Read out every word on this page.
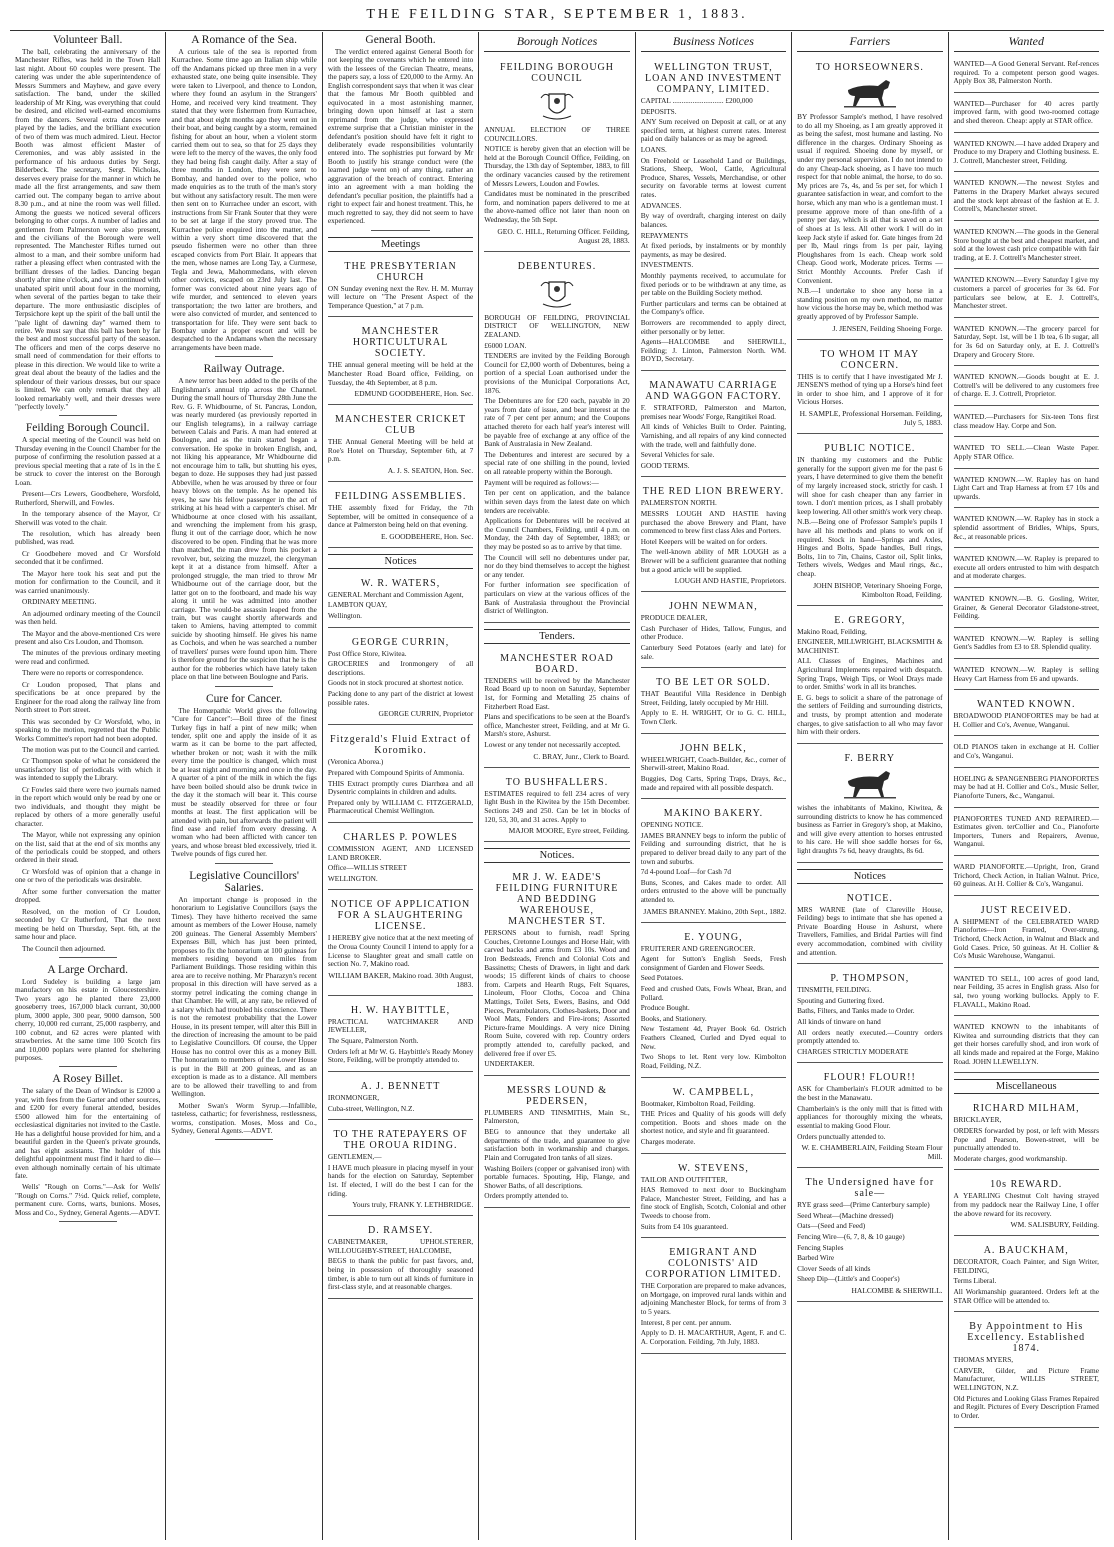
THE FEILDING STAR, SEPTEMBER 1, 1883.
Volunteer Ball.

The ball, celebrating the anniversary of the Manchester Rifles, was held in the Town Hall last night. About 60 couples were present. The catering was under the able superintendence of Messrs Summers and Mayhew, and gave every satisfaction. The band, under the skilled leadership of Mr King, was everything that could be desired, and elicited well-earned encomiums from the dancers. Several extra dances were played by the ladies, and the brilliant execution of two of them was much admired. Lieut. Hector Booth was almost efficient Master of Ceremonies, and was ably assisted in the performance of his arduous duties by Sergt. Bilderbeck. The secretary, Sergt. Nicholas, deserves every praise for the manner in which he made all the first arrangements, and saw them carried out. The company began to arrive about 8.30 p.m., and at nine the room was well filled. Among the guests we noticed several officers belonging to other corps. A number of ladies and gentlemen from Palmerston were also present, and the civilians of the Borough were well represented. The Manchester Rifles turned out almost to a man, and their sombre uniform had rather a pleasing effect when contrasted with the brilliant dresses of the ladies. Dancing began shortly after nine o'clock, and was continued with unabated spirit until about four in the morning, when several of the parties began to take their departure. The more enthusiastic disciples of Terpsichore kept up the spirit of the ball until the "pale light of dawning day" warned them to retire. We must say that this ball has been by far the best and most successful party of the season. The officers and men of the corps deserve no small need of commendation for their efforts to please in this direction. We would like to write a great deal about the beauty of the ladies and the splendour of their various dresses, but our space is limited. We can only remark that they all looked remarkably well, and their dresses were "perfectly lovely."

Feilding Borough Council.

A special meeting of the Council was held on Thursday evening in the Council Chamber for the purpose of confirming the resolution passed at a previous special meeting that a rate of 1s in the £ be struck to cover the interest on the Borough Loan.

Present—Crs Lewers, Goodbehere, Worsfold, Rutherford, Sherwill, and Fowles.

In the temporary absence of the Mayor, Cr Sherwill was voted to the chair.

The resolution, which has already been published, was read.

Cr Goodbehere moved and Cr Worsfold seconded that it be confirmed.

The Mayor here took his seat and put the motion for confirmation to the Council, and it was carried unanimously.

ORDINARY MEETING.

An adjourned ordinary meeting of the Council was then held.

The Mayor and the above-mentioned Crs were present and also Crs Loudon, and Thomson.

The minutes of the previous ordinary meeting were read and confirmed.

There were no reports or correspondence.

Cr Loudon proposed, That plans and specifications be at once prepared by the Engineer for the road along the railway line from North street to Port street.

This was seconded by Cr Worsfold, who, in speaking to the motion, regretted that the Public Works Committee's report had not been adopted.

The motion was put to the Council and carried.

Cr Thompson spoke of what he considered the unsatisfactory list of periodicals with which it was intended to supply the Library.

Cr Fowles said there were two journals named in the report which would only be read by one or two individuals, and thought they might be replaced by others of a more generally useful character.

The Mayor, while not expressing any opinion on the list, said that at the end of six months any of the periodicals could be stopped, and others ordered in their stead.

Cr Worsfold was of opinion that a change in one or two of the periodicals was desirable.

After some further conversation the matter dropped.

Resolved, on the motion of Cr Loudon, seconded by Cr Rutherford, That the next meeting be held on Thursday, Sept. 6th, at the same hour and place.

The Council then adjourned.

A Large Orchard.

Lord Sudeley is building a large jam manufactory on his estate in Gloucestershire. Two years ago he planted there 23,000 gooseberry trees, 167,000 black currant, 30,000 plum, 3000 apple, 300 pear, 9000 damson, 500 cherry, 10,000 red currant, 25,000 raspberry, and 100 cobnut, and 62 acres were planted with strawberries. At the same time 100 Scotch firs and 10,000 poplars were planted for sheltering purposes.

A Rosey Billet.

The salary of the Dean of Windsor is £2000 a year, with fees from the Garter and other sources, and £200 for every funeral attended, besides £500 allowed him for the entertaining of ecclesiastical dignitaries not invited to the Castle. He has a delightful house provided for him, and a beautiful garden in the Queen's private grounds, and has eight assistants. The holder of this delightful appointment must find it hard to die—even although nominally certain of his ultimate fate.

Wells' "Rough on Corns."—Ask for Wells' "Rough on Corns." 7½d. Quick relief, complete, permanent cure. Corns, warts, bunions. Moses, Moss and Co., Sydney, General Agents.—ADVT.

A Romance of the Sea.

A curious tale of the sea is reported from Kurrachee. Some time ago an Italian ship while off the Andamans picked up three men in a very exhausted state, one being quite insensible. They were taken to Liverpool, and thence to London, where they found an asylum in the Strangers' Home, and received very kind treatment. They stated that they were fishermen from Kurrachee, and that about eight months ago they went out in their boat, and being caught by a storm, remained fishing for about an hour, when a violent storm carried them out to sea, so that for 25 days they were left to the mercy of the waves, the only food they had being fish caught daily. After a stay of three months in London, they were sent to Bombay, and handed over to the police, who made enquiries as to the truth of the man's story but without any satisfactory result. The men were then sent on to Kurrachee under an escort, with instructions from Sir Frank Souter that they were to be set at large if the story proved true. The Kurrachee police enquired into the matter, and within a very short time discovered that the pseudo fishermen were no other than three escaped convicts from Port Blair. It appears that the men, whose names are Long Tay, a Curmese, Tegla and Jewa, Mahommedans, with eleven other convicts, escaped on 23rd July last. The former was convicted about nine years ago of wife murder, and sentenced to eleven years transportation; the two latter are brothers, and were also convicted of murder, and sentenced to transportation for life. They were sent back to Bombay under a proper escort and will be despatched to the Andamans when the necessary arrangements have been made.

Railway Outrage.

A new terror has been added to the perils of the Englishman's annual trip across the Channel. During the small hours of Thursday 28th June the Rev. G. F. Whidbourne, of St. Pancras, London, was nearly murdered (as previously reported in our English telegrams), in a railway carriage between Calais and Paris. A man had entered at Boulogne, and as the train started began a conversation. He spoke in broken English, and, not liking his appearance, Mr Whidbourne did not encourage him to talk, but shutting his eyes, began to doze. He supposes they had just passed Abbeville, when he was aroused by three or four heavy blows on the temple. As he opened his eyes, he saw his fellow passenger in the act of striking at his head with a carpenter's chisel. Mr Whidbourne at once closed with his assailant, and wrenching the implement from his grasp, flung it out of the carriage door, which he now discovered to be open. Finding that he was more than matched, the man drew from his pocket a revolver, but, seizing the muzzel, the clergyman kept it at a distance from himself. After a prolonged struggle, the man tried to throw Mr Whidbourne out of the carriage door, but the latter got on to the footboard, and made his way along it until he was admitted into another carriage. The would-be assassin leaped from the train, but was caught shortly afterwards and taken to Amiens, having attempted to commit suicide by shooting himself. He gives his name as Cochois, and when he was searched a number of travellers' purses were found upon him. There is therefore ground for the suspicion that he is the author for the robberies which have lately taken place on that line between Boulogne and Paris.

Cure for Cancer.

The Homœpathic World gives the following "Cure for Cancer":—Boil three of the finest Turkey figs in half a pint of new milk; when tender, split one and apply the inside of it as warm as it can be borne to the part affected, whether broken or not; wash it with the milk every time the poultice is changed, which must be at least night and morning and once in the day. A quarter of a pint of the milk in which the figs have been boiled should also be drunk twice in the day it the stomach will bear it. This course must be steadily observed for three or four months at least. The first application will be attended with pain, but afterwards the patient will find ease and relief from every dressing. A woman who had been afflicted with cancer ten years, and whose breast bled excessively, tried it. Twelve pounds of figs cured her.

Legislative Councillors' Salaries.

An important change is proposed in the honorarium to Legislative Councillors (says the Times). They have hitherto received the same amount as members of the Lower House, namely 200 guineas. The General Assembly Members' Expenses Bill, which has just been printed, proposes to fix the honorarium at 100 guineas for members residing beyond ten miles from Parliament Buildings. Those residing within this area are to receive nothing. Mr Pharazyn's recent proposal in this direction will have served as a stormy petrel indicating the coming change in that Chamber. He will, at any rate, be relieved of a salary which had troubled his conscience. There is not the remotest probability that the Lower House, in its present temper, will alter this Bill in the direction of increasing the amount to be paid to Legislative Councillors. Of course, the Upper House has no control over this as a money Bill. The honorarium to members of the Lower House is put in the Bill at 200 guineas, and as an exception is made as to a distance. All members are to be allowed their travelling to and from Wellington.

Mother Swan's Worm Syrup.—Infallible, tasteless, cathartic; for feverishness, restlessness, worms, constipation. Moses, Moss and Co., Sydney, General Agents.—ADVT.

General Booth.

The verdict entered against General Booth for not keeping the covenants which he entered into with the lessees of the Grecian Theatre, means, the papers say, a loss of £20,000 to the Army. An English correspondent says that when it was clear that the famous Mr Booth quibbled and equivocated in a most astonishing manner, bringing down upon himself at last a stern reprimand from the judge, who expressed extreme surprise that a Christian minister in the defendant's position should have felt it right to deliberately evade responsibilities voluntarily entered into. The sophistries put forward by Mr Booth to justify his strange conduct were (the learned judge went on) of any thing, rather an aggravation of the breach of contract. Entering into an agreement with a man holding the defendant's peculiar position, the plaintiffs had a right to expect fair and honest treatment. This, he much regretted to say, they did not seem to have experienced.

Meetings
THE PRESBYTERIAN CHURCH

ON Sunday evening next the Rev. H. M. Murray will lecture on "The Present Aspect of the Temperance Question," at 7 p.m.

MANCHESTER HORTICULTURAL SOCIETY.

THE annual general meeting will be held at the Manchester Road Board office, Feilding, on Tuesday, the 4th September, at 8 p.m.

EDMUND GOODBEHERE, Hon. Sec.
MANCHESTER CRICKET CLUB

THE Annual General Meeting will be held at Roe's Hotel on Thursday, September 6th, at 7 p.m.

A. J. S. SEATON, Hon. Sec.
FEILDING ASSEMBLIES.

THE assembly fixed for Friday, the 7th September, will be omitted in consequence of a dance at Palmerston being held on that evening.

E. GOODBEHERE, Hon. Sec.
Notices
W. R. WATERS,

GENERAL Merchant and Commission Agent,

LAMBTON QUAY,

Wellington.

GEORGE CURRIN,

Post Office Store, Kiwitea.

GROCERIES and Ironmongery of all descriptions.

Goods not in stock procured at shortest notice.

Packing done to any part of the district at lowest possible rates.

GEORGE CURRIN, Proprietor
Fitzgerald's Fluid Extract of Koromiko.

(Veronica Aborea.)

Prepared with Compound Spirits of Ammonia.

THIS Extract promptly cures Diarrhœa and all Dysentric complaints in children and adults.

Prepared only by WILLIAM C. FITZGERALD, Pharmaceutical Chemist Wellington.

CHARLES P. POWLES

COMMISSION AGENT, AND LICENSED LAND BROKER.

Office—WILLIS STREET

WELLINGTON.

NOTICE OF APPLICATION FOR A SLAUGHTERING LICENSE.

I HEREBY give notice that at the next meeting of the Oroua County Council I intend to apply for a License to Slaughter great and small cattle on section No. 7, Makino road.

WILLIAM BAKER, Makino road. 30th August, 1883.
H. W. HAYBITTLE,

PRACTICAL WATCHMAKER AND JEWELLER,

The Square, Palmerston North.

Orders left at Mr W. G. Haybittle's Ready Money Store, Feilding, will be promptly attended to.

A. J. BENNETT

IRONMONGER,

Cuba-street, Wellington, N.Z.

TO THE RATEPAYERS OF THE OROUA RIDING.

GENTLEMEN,—

I HAVE much pleasure in placing myself in your hands for the election on Saturday, September 1st. If elected, I will do the best I can for the riding.

Yours truly, FRANK Y. LETHBRIDGE.
D. RAMSEY.

CABINETMAKER, UPHOLSTERER, WILLOUGHBY-STREET, HALCOMBE,

BEGS to thank the public for past favors, and, being in possession of thoroughly seasoned timber, is able to turn out all kinds of furniture in first-class style, and at reasonable charges.

Borough Notices
FEILDING BOROUGH COUNCIL

ANNUAL ELECTION OF THREE COUNCILLORS.

NOTICE is hereby given that an election will be held at the Borough Council Office, Feilding, on Thursday, the 13th day of September, 1883, to fill the ordinary vacancies caused by the retirement of Messrs Lewers, Loudon and Fowles.

Candidates must be nominated in the prescribed form, and nomination papers delivered to me at the above-named office not later than noon on Wednesday, the 5th Sept.

GEO. C. HILL, Returning Officer. Feilding, August 28, 1883.
DEBENTURES.

BOROUGH OF FEILDING, PROVINCIAL DISTRICT OF WELLINGTON, NEW ZEALAND.

£6000 LOAN.

TENDERS are invited by the Feilding Borough Council for £2,000 worth of Debentures, being a portion of a special Loan authorised under the provisions of the Municipal Corporations Act, 1876.

The Debentures are for £20 each, payable in 20 years from date of issue, and bear interest at the rate of 7 per cent per annum; and the Coupons attached thereto for each half year's interest will be payable free of exchange at any office of the Bank of Australasia in New Zealand.

The Debentures and interest are secured by a special rate of one shilling in the pound, levied on all rateable property within the Borough.

Payment will be required as follows:—

Ten per cent on application, and the balance within seven days from the latest date on which tenders are receivable.

Applications for Debentures will be received at the Council Chambers, Feilding, until 4 p.m. on Monday, the 24th day of September, 1883; or they may be posted so as to arrive by that time.

The Council will sell no debentures under par, nor do they bind themselves to accept the highest or any tender.

For further information see specification of particulars on view at the various offices of the Bank of Australasia throughout the Provincial district of Wellington.

Tenders.
MANCHESTER ROAD BOARD.

TENDERS will be received by the Manchester Road Board up to noon on Saturday, September 1st, for Forming and Metalling 25 chains of Fitzherbert Road East.

Plans and specifications to be seen at the Board's office, Manchester street, Feilding, and at Mr G. Marsh's store, Ashurst.

Lowest or any tender not necessarily accepted.

C. BRAY, Junr., Clerk to Board.
TO BUSHFALLERS.

ESTIMATES required to fell 234 acres of very light Bush in the Kiwitea by the 15th December. Sections 249 and 250. Can be let in blocks of 120, 53, 30, and 31 acres. Apply to

MAJOR MOORE, Eyre street, Feilding.
Notices.
MR J. W. EADE'S FEILDING FURNITURE AND BEDDING WAREHOUSE, MANCHESTER ST.

PERSONS about to furnish, read! Spring Couches, Cretonne Lounges and Horse Hair, with carved backs and arms from £3 10s. Wood and Iron Bedsteads, French and Colonial Cots and Bassinetts; Chests of Drawers, in light and dark woods; 15 different kinds of chairs to choose from. Carpets and Hearth Rugs, Felt Squares, Linoleum, Floor Cloths, Cocoa and China Mattings, Toilet Sets, Ewers, Basins, and Odd Pieces, Perambulators, Clothes-baskets, Door and Wool Mats, Fenders and Fire-irons; Assorted Picture-frame Mouldings. A very nice Dining Room Suite, covered with rep. Country orders promptly attended to, carefully packed, and delivered free if over £5.

UNDERTAKER.

MESSRS LOUND & PEDERSEN,

PLUMBERS AND TINSMITHS, Main St., Palmerston,

BEG to announce that they undertake all departments of the trade, and guarantee to give satisfaction both in workmanship and charges. Plain and Corrugated Iron tanks of all sizes.

Washing Boilers (copper or galvanised iron) with portable furnaces. Spouting, Hip, Flange, and Shower Baths, of all descriptions.

Orders promptly attended to.

Business Notices
WELLINGTON TRUST, LOAN AND INVESTMENT COMPANY, LIMITED.

CAPITAL ............................ £200,000

DEPOSITS.

ANY Sum received on Deposit at call, or at any specified term, at highest current rates. Interest paid on daily balances or as may be agreed.

LOANS.

On Freehold or Leasehold Land or Buildings, Stations, Sheep, Wool, Cattle, Agricultural Produce, Shares, Vessels, Merchandise, or other security on favorable terms at lowest current rates.

ADVANCES.

By way of overdraft, charging interest on daily balances.

REPAYMENTS

At fixed periods, by instalments or by monthly payments, as may be desired.

INVESTMENTS.

Monthly payments received, to accumulate for fixed periods or to be withdrawn at any time, as per table on the Building Society method.

Further particulars and terms can be obtained at the Company's office.

Borrowers are recommended to apply direct, either personally or by letter.

Agents—HALCOMBE and SHERWILL, Feilding; J. Linton, Palmerston North. WM. BOYD, Secretary.

MANAWATU CARRIAGE AND WAGGON FACTORY.

F. STRATFORD, Palmerston and Marton, premises near Woods' Forge, Rangitikei Road.

All kinds of Vehicles Built to Order. Painting, Varnishing, and all repairs of any kind connected with the trade, well and faithfully done.

Several Vehicles for sale.

GOOD TERMS.

THE RED LION BREWERY.

PALMERSTON NORTH.

MESSRS LOUGH AND HASTIE having purchased the above Brewery and Plant, have commenced to brew first class Ales and Porters.

Hotel Keepers will be waited on for orders.

The well-known ability of MR LOUGH as a Brewer will be a sufficient guarantee that nothing but a good article will be supplied.

LOUGH AND HASTIE, Proprietors.
JOHN NEWMAN,

PRODUCE DEALER,

Cash Purchaser of Hides, Tallow, Fungus, and other Produce.

Canterbury Seed Potatoes (early and late) for sale.

TO BE LET OR SOLD.

THAT Beautiful Villa Residence in Denbigh Street, Feilding, lately occupied by Mr Hill.

Apply to E. H. WRIGHT, Or to G. C. HILL, Town Clerk.

JOHN BELK,

WHEELWRIGHT, Coach-Builder, &c., corner of Sherwill-street, Makino Road.

Buggies, Dog Carts, Spring Traps, Drays, &c., made and repaired with all possible despatch.

MAKINO BAKERY.

OPENING NOTICE.

JAMES BRANNEY begs to inform the public of Feilding and surrounding district, that he is prepared to deliver bread daily to any part of the town and suburbs.

7d 4-pound Loaf—for Cash 7d

Buns, Scones, and Cakes made to order. All orders entrusted to the above will be punctually attended to.

JAMES BRANNEY. Makino, 20th Sept., 1882.
E. YOUNG,

FRUITERER AND GREENGROCER.

Agent for Sutton's English Seeds, Fresh consignment of Garden and Flower Seeds.

Seed Potatoes.

Feed and crushed Oats, Fowls Wheat, Bran, and Pollard.

Produce Bought.

Books, and Stationery.

New Testament 4d, Prayer Book 6d. Ostrich Feathers Cleaned, Curled and Dyed equal to New.

Two Shops to let. Rent very low. Kimbolton Road, Feilding, N.Z.

W. CAMPBELL,

Bootmaker, Kimbolton Road, Feilding.

THE Prices and Quality of his goods will defy competition. Boots and shoes made on the shortest notice, and style and fit guaranteed.

Charges moderate.

W. STEVENS,

TAILOR AND OUTFITTER,

HAS Removed to next door to Buckingham Palace, Manchester Street, Feilding, and has a fine stock of English, Scotch, Colonial and other Tweeds to choose from.

Suits from £4 10s guaranteed.

EMIGRANT AND COLONISTS' AID CORPORATION LIMITED.

THE Corporation are prepared to make advances, on Mortgage, on improved rural lands within and adjoining Manchester Block, for terms of from 3 to 5 years.

Interest, 8 per cent. per annum.

Apply to D. H. MACARTHUR, Agent, F. and C. A. Corporation. Feilding, 7th July, 1883.

Farriers
TO HORSEOWNERS.

BY Professor Sample's method, I have resolved to do all my Shoeing, as I am greatly approved it as being the safest, most humane and lasting. No difference in the charges. Ordinary Shoeing as usual if required. Shoeing done by myself, or under my personal supervision. I do not intend to do any Cheap-Jack shoeing, as I have too much respect for that noble animal, the horse, to do so. My prices are 7s, 4s, and 5s per set, for which I guarantee satisfaction in wear, and comfort to the horse, which any man who is a gentleman must. I presume approve more of than one-fifth of a penny per day, which is all that is saved on a set of shoes at 1s less. All other work I will do in keep Jack style if asked for. Gate hinges from 2d per lb, Maul rings from 1s per pair, laying Ploughshares from 1s each. Cheap work sold Cheap. Good work, Moderate prices. Terms — Strict Monthly Accounts. Prefer Cash if Convenient.

N.B.—I undertake to shoe any horse in a standing position on my own method, no matter how vicious the horse may be, which method was greatly approved of by Professor Sample.

J. JENSEN, Feilding Shoeing Forge.
TO WHOM IT MAY CONCERN.

THIS is to certify that I have investigated Mr J. JENSEN'S method of tying up a Horse's hind feet in order to shoe him, and I approve of it for Vicious Horses.

H. SAMPLE, Professional Horseman. Feilding, July 5, 1883.
PUBLIC NOTICE.

IN thanking my customers and the Public generally for the support given me for the past 6 years, I have determined to give them the benefit of my largely increased stock, strictly for cash. I will shoe for cash cheaper than any farrier in town. I don't mention prices, as I shall probably keep lowering. All other smith's work very cheap.

N.B.—Being one of Professor Sample's pupils I have all his methods and plans to work on if required. Stock in hand—Springs and Axles, Hinges and Bolts, Spade handles, Bull rings, Bolts, 1in to 7in, Chains, Castor oil, Split links, Tethers wivels, Wedges and Maul rings, &c., cheap.

JOHN BISHOP, Veterinary Shoeing Forge, Kimbolton Road, Feilding.
E. GREGORY,

Makino Road, Feilding,

ENGINEER, MILLWRIGHT, BLACKSMITH & MACHINIST.

ALL Classes of Engines, Machines and Agricultural Implements repaired with despatch. Spring Traps, Weigh Tips, or Wool Drays made to order. Smiths' work in all its branches.

E. G. begs to solicit a share of the patronage of the settlers of Feilding and surrounding districts, and trusts, by prompt attention and moderate charges, to give satisfaction to all who may favor him with their orders.

F. BERRY

wishes the inhabitants of Makino, Kiwitea, & surrounding districts to know he has commenced business as Farrier in Gregory's shop, at Makino, and will give every attention to horses entrusted to his care. He will shoe saddle horses for 6s, light draughts 7s 6d, heavy draughts, 8s 6d.

Notices
NOTICE.

MRS WARNE (late of Clareville House, Feilding) begs to intimate that she has opened a Private Boarding House in Ashurst, where Travellers, Families, and Bridal Parties will find every accommodation, combined with civility and attention.

P. THOMPSON,

TINSMITH, FEILDING.

Spouting and Guttering fixed.

Baths, Filters, and Tanks made to Order.

All kinds of tinware on hand

All orders neatly executed.—Country orders promptly attended to.

CHARGES STRICTLY MODERATE

FLOUR! FLOUR!!

ASK for Chamberlain's FLOUR admitted to be the best in the Manawatu.

Chamberlain's is the only mill that is fitted with appliances for thoroughly mixing the wheats, essential to making Good Flour.

Orders punctually attended to.

W. E. CHAMBERLAIN, Feilding Steam Flour Mill.
The Undersigned have for sale—

RYE grass seed—(Prime Canterbury sample)

Seed Wheat—(Machine dressed)

Oats—(Seed and Feed)

Fencing Wire—(6, 7, 8, & 10 gauge)

Fencing Staples

Barbed Wire

Clover Seeds of all kinds

Sheep Dip—(Little's and Cooper's)

HALCOMBE & SHERWILL.
Wanted

WANTED—A Good General Servant. Ref-rences required. To a competent person good wages. Apply Box 38, Palmerston North.

WANTED—Purchaser for 40 acres partly improved farm, with good two-roomed cottage and shed thereon. Cheap: apply at STAR office.

WANTED KNOWN.—I have added Drapery and Produce to my Drapery and Clothing business. E. J. Cottrell, Manchester street, Feilding.

WANTED KNOWN.—The newest Styles and Patterns in the Drapery Market always secured and the stock kept abreast of the fashion at E. J. Cottrell's, Manchester street.

WANTED KNOWN.—The goods in the General Store bought at the best and cheapest market, and sold at the lowest cash price compatible with fair trading, at E. J. Cottrell's Manchester street.

WANTED KNOWN.—Every Saturday I give my customers a parcel of groceries for 3s 6d. For particulars see below, at E. J. Cottrell's, Manchester street.

WANTED KNOWN.—The grocery parcel for Saturday, Sept. 1st, will be 1 lb tea, 6 lb sugar, all for 3s 6d on Saturday only, at E. J. Cottrell's Drapery and Grocery Store.

WANTED KNOWN.—Goods bought at E. J. Cottrell's will be delivered to any customers free of charge. E. J. Cottrell, Proprietor.

WANTED.—Purchasers for Six-teen Tons first class meadow Hay. Corpe and Son.

WANTED TO SELL.—Clean Waste Paper. Apply STAR Office.

WANTED KNOWN.—W. Rapley has on hand Light Cart and Trap Harness at from £7 10s and upwards.

WANTED KNOWN.—W. Rapley has in stock a splendid assortment of Bridles, Whips, Spurs, &c., at reasonable prices.

WANTED KNOWN.—W. Rapley is prepared to execute all orders entrusted to him with despatch and at moderate charges.

WANTED KNOWN.—B. G. Gosling, Writer, Grainer, & General Decorator Gladstone-street, Feilding.

WANTED KNOWN.—W. Rapley is selling Gent's Saddles from £3 to £8. Splendid quality.

WANTED KNOWN.—W. Rapley is selling Heavy Cart Harness from £6 and upwards.

WANTED KNOWN.

BROADWOOD PIANOFORTES may be had at H. Collier and Co's, Avenue, Wanganui.

OLD PIANOS taken in exchange at H. Collier and Co's, Wanganui.

HOELING & SPANGENBERG PIANOFORTES may be had at H. Collier and Co's., Music Seller, Pianoforte Tuners, &c., Wanganui.

PIANOFORTES TUNED AND REPAIRED.—Estimates given. terCollier and Co., Pianoforte Importers, Tuners and Repairers, Avenue, Wanganui.

WARD PIANOFORTE.—Upright, Iron, Grand Trichord, Check Action, in Italian Walnut. Price, 60 guineas. At H. Collier & Co's, Wanganui.

JUST RECEIVED.

A SHIPMENT of the CELEBRATED WARD Pianofortes—Iron Framed, Over-strung, Trichord, Check Action, in Walnut and Black and Gold Cases. Price, 50 guineas. At H. Collier & Co's Music Warehouse, Wanganui.

WANTED TO SELL, 100 acres of good land, near Feilding, 35 acres in English grass. Also for sal, two young working bullocks. Apply to F. FLAVALL, Makino Road.

WANTED KNOWN to the inhabitants of Kiwitea and surrounding districts that they can get their horses carefully shod, and iron work of all kinds made and repaired at the Forge, Makino Road. JOHN LLEWELLYN.

Miscellaneous
RICHARD MILHAM,

BRICKLAYER,

ORDERS forwarded by post, or left with Messrs Pope and Pearson, Bowen-street, will be punctually attended to.

Moderate charges, good workmanship.

10s REWARD.

A YEARLING Chestnut Colt having strayed from my paddock near the Railway Line, I offer the above reward for its recovery.

WM. SALISBURY, Feilding.
A. BAUCKHAM,

DECORATOR, Coach Painter, and Sign Writer, FEILDING,

Terms Liberal.

All Workmanship guaranteed. Orders left at the STAR Office will be attended to.

By Appointment to His Excellency. Established 1874.

THOMAS MYERS,

CARVER, Gilder, and Picture Frame Manufacturer, WILLIS STREET, WELLINGTON, N.Z.

Old Pictures and Looking Glass Frames Repaired and Regilt. Pictures of Every Description Framed to Order.
